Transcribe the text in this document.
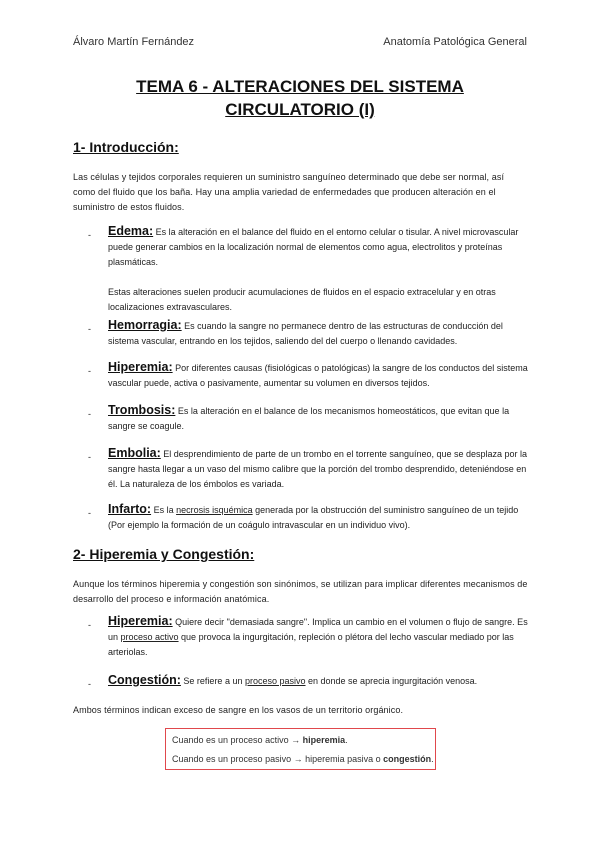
Álvaro Martín Fernández	Anatomía Patológica General
TEMA 6 - ALTERACIONES DEL SISTEMA
CIRCULATORIO (I)
1- Introducción:
Las células y tejidos corporales requieren un suministro sanguíneo determinado que debe ser normal, así como del fluido que los baña. Hay una amplia variedad de enfermedades que producen alteración en el suministro de estos fluidos.
- Edema: Es la alteración en el balance del fluido en el entorno celular o tisular. A nivel microvascular puede generar cambios en la localización normal de elementos como agua, electrolitos y proteínas plasmáticas.
Estas alteraciones suelen producir acumulaciones de fluidos en el espacio extracelular y en otras localizaciones extravasculares.
- Hemorragia: Es cuando la sangre no permanece dentro de las estructuras de conducción del sistema vascular, entrando en los tejidos, saliendo del del cuerpo o llenando cavidades.
- Hiperemia: Por diferentes causas (fisiológicas o patológicas) la sangre de los conductos del sistema vascular puede, activa o pasivamente, aumentar su volumen en diversos tejidos.
- Trombosis: Es la alteración en el balance de los mecanismos homeostáticos, que evitan que la sangre se coagule.
- Embolia: El desprendimiento de parte de un trombo en el torrente sanguíneo, que se desplaza por la sangre hasta llegar a un vaso del mismo calibre que la porción del trombo desprendido, deteniéndose en él. La naturaleza de los émbolos es variada.
- Infarto: Es la necrosis isquémica generada por la obstrucción del suministro sanguíneo de un tejido (Por ejemplo la formación de un coágulo intravascular en un individuo vivo).
2- Hiperemia y Congestión:
Aunque los términos hiperemia y congestión son sinónimos, se utilizan para implicar diferentes mecanismos de desarrollo del proceso e información anatómica.
- Hiperemia: Quiere decir "demasiada sangre". Implica un cambio en el volumen o flujo de sangre. Es un proceso activo que provoca la ingurgitación, repleción o plétora del lecho vascular mediado por las arteriolas.
- Congestión: Se refiere a un proceso pasivo en donde se aprecia ingurgitación venosa.
Ambos términos indican exceso de sangre en los vasos de un territorio orgánico.
Cuando es un proceso activo → hiperemia.
Cuando es un proceso pasivo → hiperemia pasiva o congestión.
